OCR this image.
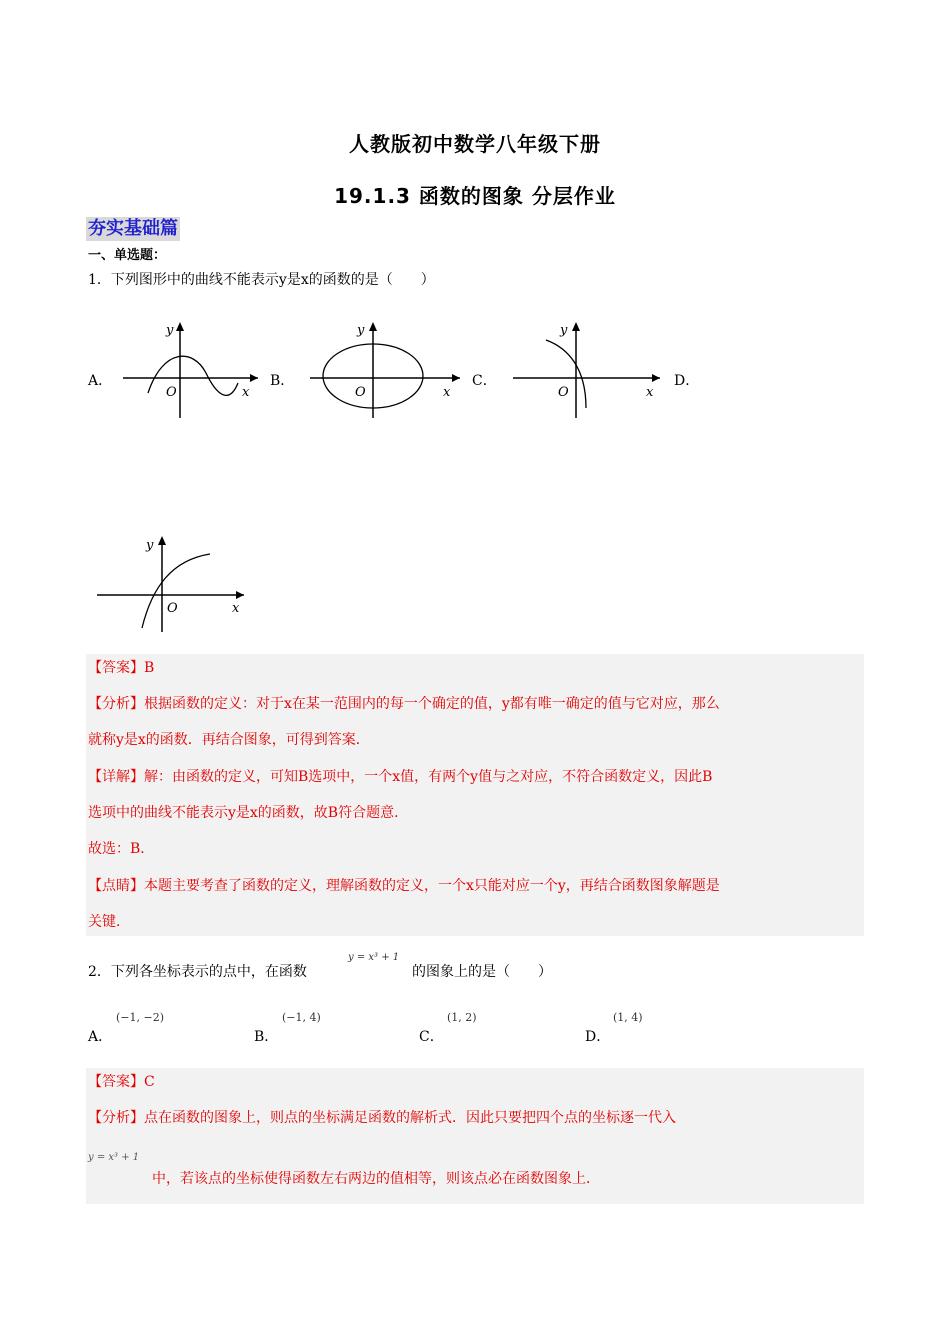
人教版初中数学八年级下册
19.1.3 函数的图象 分层作业
夯实基础篇
一、单选题：
1．下列图形中的曲线不能表示y是x的函数的是（　　）
A．	B．	C．	D．
y
O	x
y
O	x
y
O	x
y
O	x
【答案】B
【分析】根据函数的定义：对于x在某一范围内的每一个确定的值，y都有唯一确定的值与它对应，那么
就称y是x的函数．再结合图象，可得到答案．
【详解】解：由函数的定义，可知B选项中，一个x值，有两个y值与之对应，不符合函数定义，因此B
选项中的曲线不能表示y是x的函数，故B符合题意．
故选：B．
【点睛】本题主要考查了函数的定义，理解函数的定义，一个x只能对应一个y，再结合函数图象解题是
关键．
2．下列各坐标表示的点中，在函数
y = x³ + 1
的图象上的是（　　）
A．
(−1, −2)
B．
(−1, 4)
C．
(1, 2)
D．
(1, 4)
【答案】C
【分析】点在函数的图象上，则点的坐标满足函数的解析式．因此只要把四个点的坐标逐一代入
y = x³ + 1
中，若该点的坐标使得函数左右两边的值相等，则该点必在函数图象上．
